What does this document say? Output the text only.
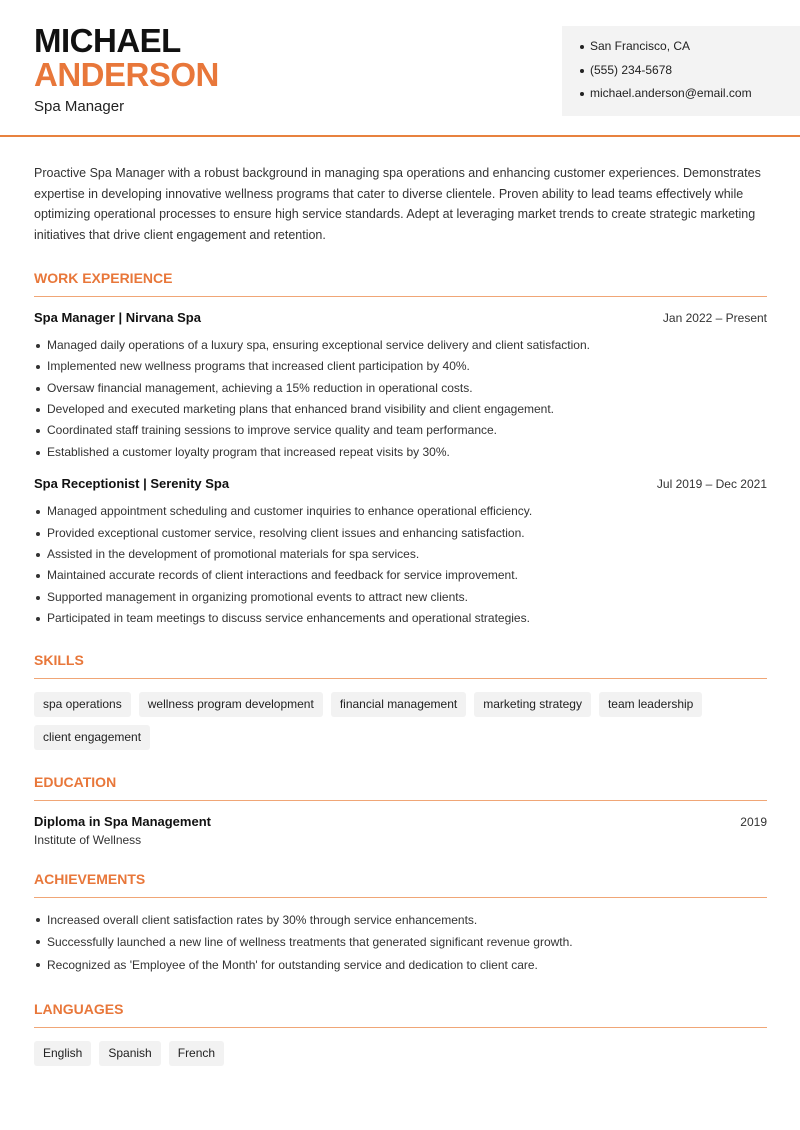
MICHAEL
ANDERSON
Spa Manager
San Francisco, CA
(555) 234-5678
michael.anderson@email.com

Proactive Spa Manager with a robust background in managing spa operations and enhancing customer experiences. Demonstrates expertise in developing innovative wellness programs that cater to diverse clientele. Proven ability to lead teams effectively while optimizing operational processes to ensure high service standards. Adept at leveraging market trends to create strategic marketing initiatives that drive client engagement and retention.

WORK EXPERIENCE
Spa Manager | Nirvana Spa	Jan 2022 – Present
Managed daily operations of a luxury spa, ensuring exceptional service delivery and client satisfaction.
Implemented new wellness programs that increased client participation by 40%.
Oversaw financial management, achieving a 15% reduction in operational costs.
Developed and executed marketing plans that enhanced brand visibility and client engagement.
Coordinated staff training sessions to improve service quality and team performance.
Established a customer loyalty program that increased repeat visits by 30%.
Spa Receptionist | Serenity Spa	Jul 2019 – Dec 2021
Managed appointment scheduling and customer inquiries to enhance operational efficiency.
Provided exceptional customer service, resolving client issues and enhancing satisfaction.
Assisted in the development of promotional materials for spa services.
Maintained accurate records of client interactions and feedback for service improvement.
Supported management in organizing promotional events to attract new clients.
Participated in team meetings to discuss service enhancements and operational strategies.
SKILLS
spa operations	wellness program development	financial management	marketing strategy	team leadership
client engagement
EDUCATION
Diploma in Spa Management	2019
Institute of Wellness
ACHIEVEMENTS
Increased overall client satisfaction rates by 30% through service enhancements.
Successfully launched a new line of wellness treatments that generated significant revenue growth.
Recognized as 'Employee of the Month' for outstanding service and dedication to client care.
LANGUAGES
English	Spanish	French
